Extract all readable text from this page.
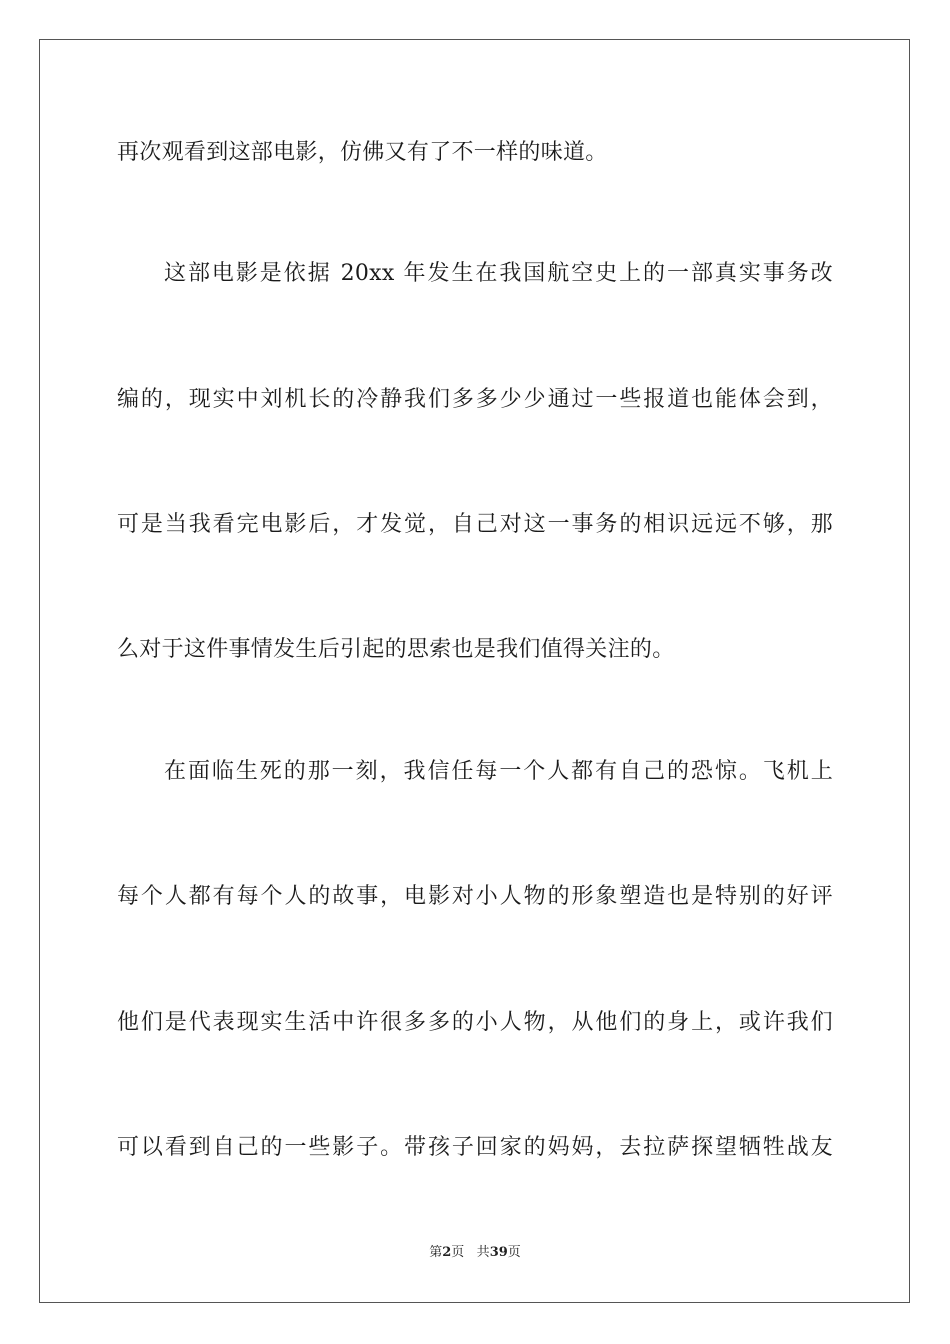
再次观看到这部电影，仿佛又有了不一样的味道。
这部电影是依据 20xx 年发生在我国航空史上的一部真实事务改
编的，现实中刘机长的冷静我们多多少少通过一些报道也能体会到，
可是当我看完电影后，才发觉，自己对这一事务的相识远远不够，那
么对于这件事情发生后引起的思索也是我们值得关注的。
在面临生死的那一刻，我信任每一个人都有自己的恐惊。飞机上
每个人都有每个人的故事，电影对小人物的形象塑造也是特别的好评
他们是代表现实生活中许很多多的小人物，从他们的身上，或许我们
可以看到自己的一些影子。带孩子回家的妈妈，去拉萨探望牺牲战友
第2页 共39页
